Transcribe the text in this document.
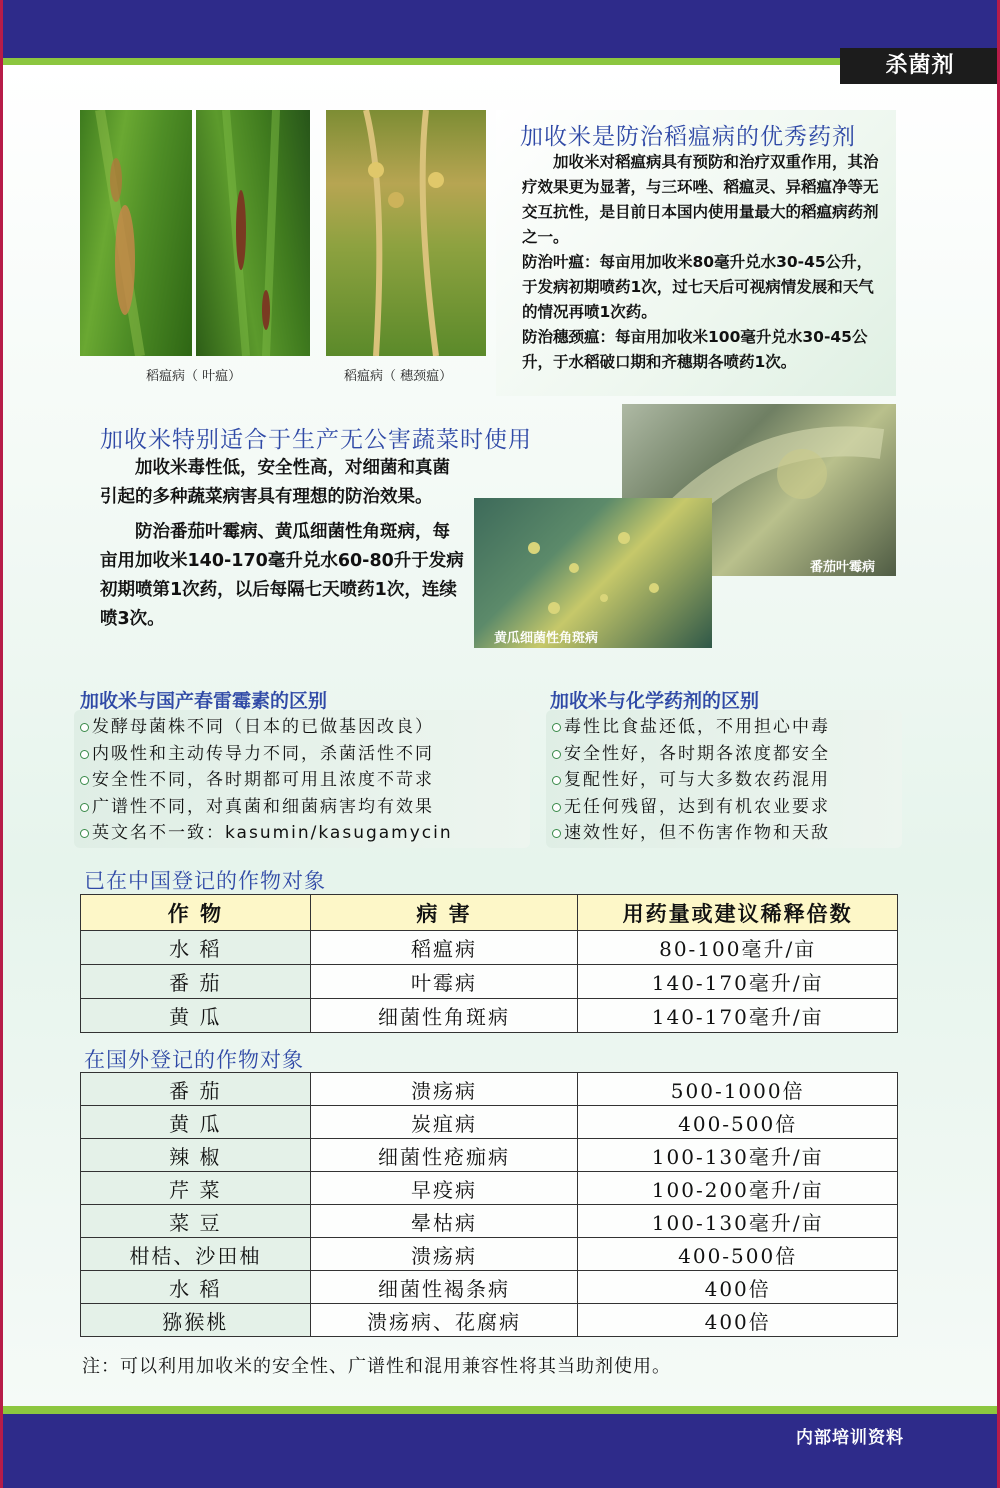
杀菌剂
稻瘟病（ 叶瘟）	稻瘟病（ 穗颈瘟）
加收米是防治稻瘟病的优秀药剂

加收米对稻瘟病具有预防和治疗双重作用，其治疗效果更为显著，与三环唑、稻瘟灵、异稻瘟净等无交互抗性，是目前日本国内使用量最大的稻瘟病药剂之一。

防治叶瘟：每亩用加收米80毫升兑水30-45公升，于发病初期喷药1次，过七天后可视病情发展和天气的情况再喷1次药。

防治穗颈瘟：每亩用加收米100毫升兑水30-45公升，于水稻破口期和齐穗期各喷药1次。

加收米特别适合于生产无公害蔬菜时使用
番茄叶霉病
黄瓜细菌性角斑病

加收米毒性低，安全性高，对细菌和真菌引起的多种蔬菜病害具有理想的防治效果。

防治番茄叶霉病、黄瓜细菌性角斑病，每亩用加收米140-170毫升兑水60-80升于发病初期喷第1次药，以后每隔七天喷药1次，连续喷3次。

加收米与国产春雷霉素的区别
发酵母菌株不同（日本的已做基因改良）
内吸性和主动传导力不同，杀菌活性不同
安全性不同，各时期都可用且浓度不苛求
广谱性不同，对真菌和细菌病害均有效果
英文名不一致：kasumin/kasugamycin
加收米与化学药剂的区别
毒性比食盐还低，不用担心中毒
安全性好，各时期各浓度都安全
复配性好，可与大多数农药混用
无任何残留，达到有机农业要求
速效性好，但不伤害作物和天敌
已在中国登记的作物对象
作 物	病 害	用药量或建议稀释倍数
水 稻	稻瘟病	80-100毫升/亩
番 茄	叶霉病	140-170毫升/亩
黄 瓜	细菌性角斑病	140-170毫升/亩
在国外登记的作物对象
番 茄	溃疡病	500-1000倍
黄 瓜	炭疽病	400-500倍
辣 椒	细菌性疮痂病	100-130毫升/亩
芹 菜	早疫病	100-200毫升/亩
菜 豆	晕枯病	100-130毫升/亩
柑桔、沙田柚	溃疡病	400-500倍
水 稻	细菌性褐条病	400倍
猕猴桃	溃疡病、花腐病	400倍
注：可以利用加收米的安全性、广谱性和混用兼容性将其当助剂使用。
内部培训资料
